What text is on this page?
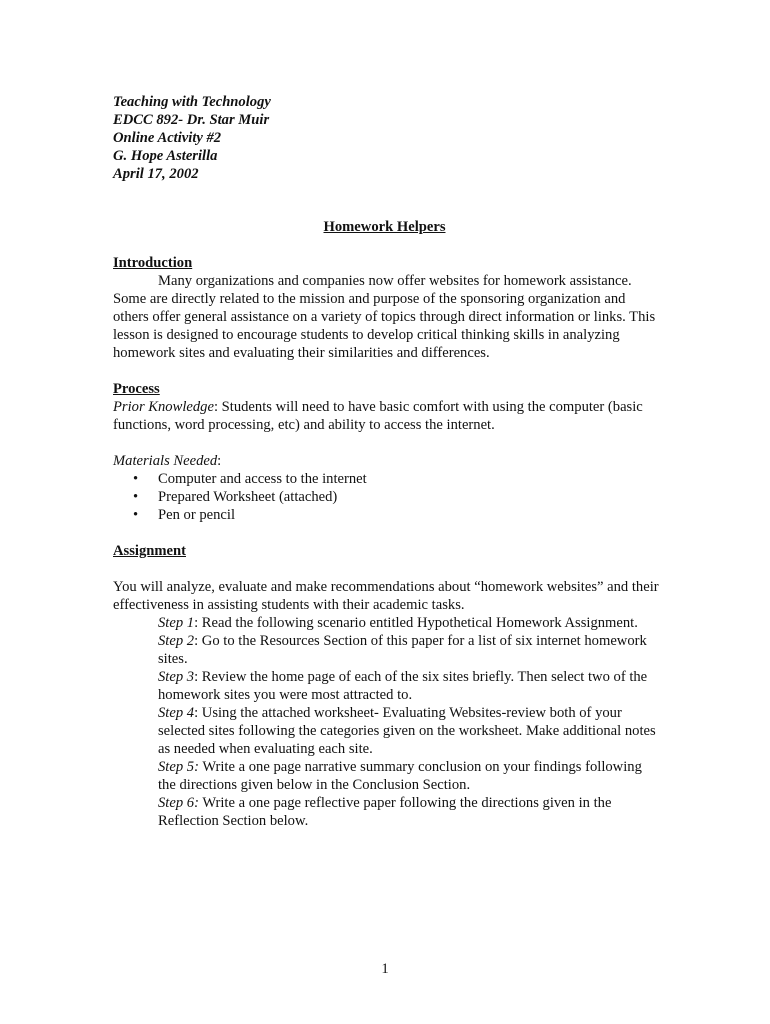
Teaching with Technology
EDCC 892- Dr. Star Muir
Online Activity #2
G. Hope Asterilla
April 17, 2002
Homework Helpers
Introduction
Many organizations and companies now offer websites for homework assistance. Some are directly related to the mission and purpose of the sponsoring organization and others offer general assistance on a variety of topics through direct information or links. This lesson is designed to encourage students to develop critical thinking skills in analyzing homework sites and evaluating their similarities and differences.
Process
Prior Knowledge: Students will need to have basic comfort with using the computer (basic functions, word processing, etc) and ability to access the internet.
Materials Needed:
• Computer and access to the internet
• Prepared Worksheet (attached)
• Pen or pencil
Assignment
You will analyze, evaluate and make recommendations about “homework websites” and their effectiveness in assisting students with their academic tasks.
Step 1: Read the following scenario entitled Hypothetical Homework Assignment.
Step 2: Go to the Resources Section of this paper for a list of six internet homework sites.
Step 3: Review the home page of each of the six sites briefly. Then select two of the homework sites you were most attracted to.
Step 4: Using the attached worksheet- Evaluating Websites-review both of your selected sites following the categories given on the worksheet. Make additional notes as needed when evaluating each site.
Step 5: Write a one page narrative summary conclusion on your findings following the directions given below in the Conclusion Section.
Step 6: Write a one page reflective paper following the directions given in the Reflection Section below.
1
